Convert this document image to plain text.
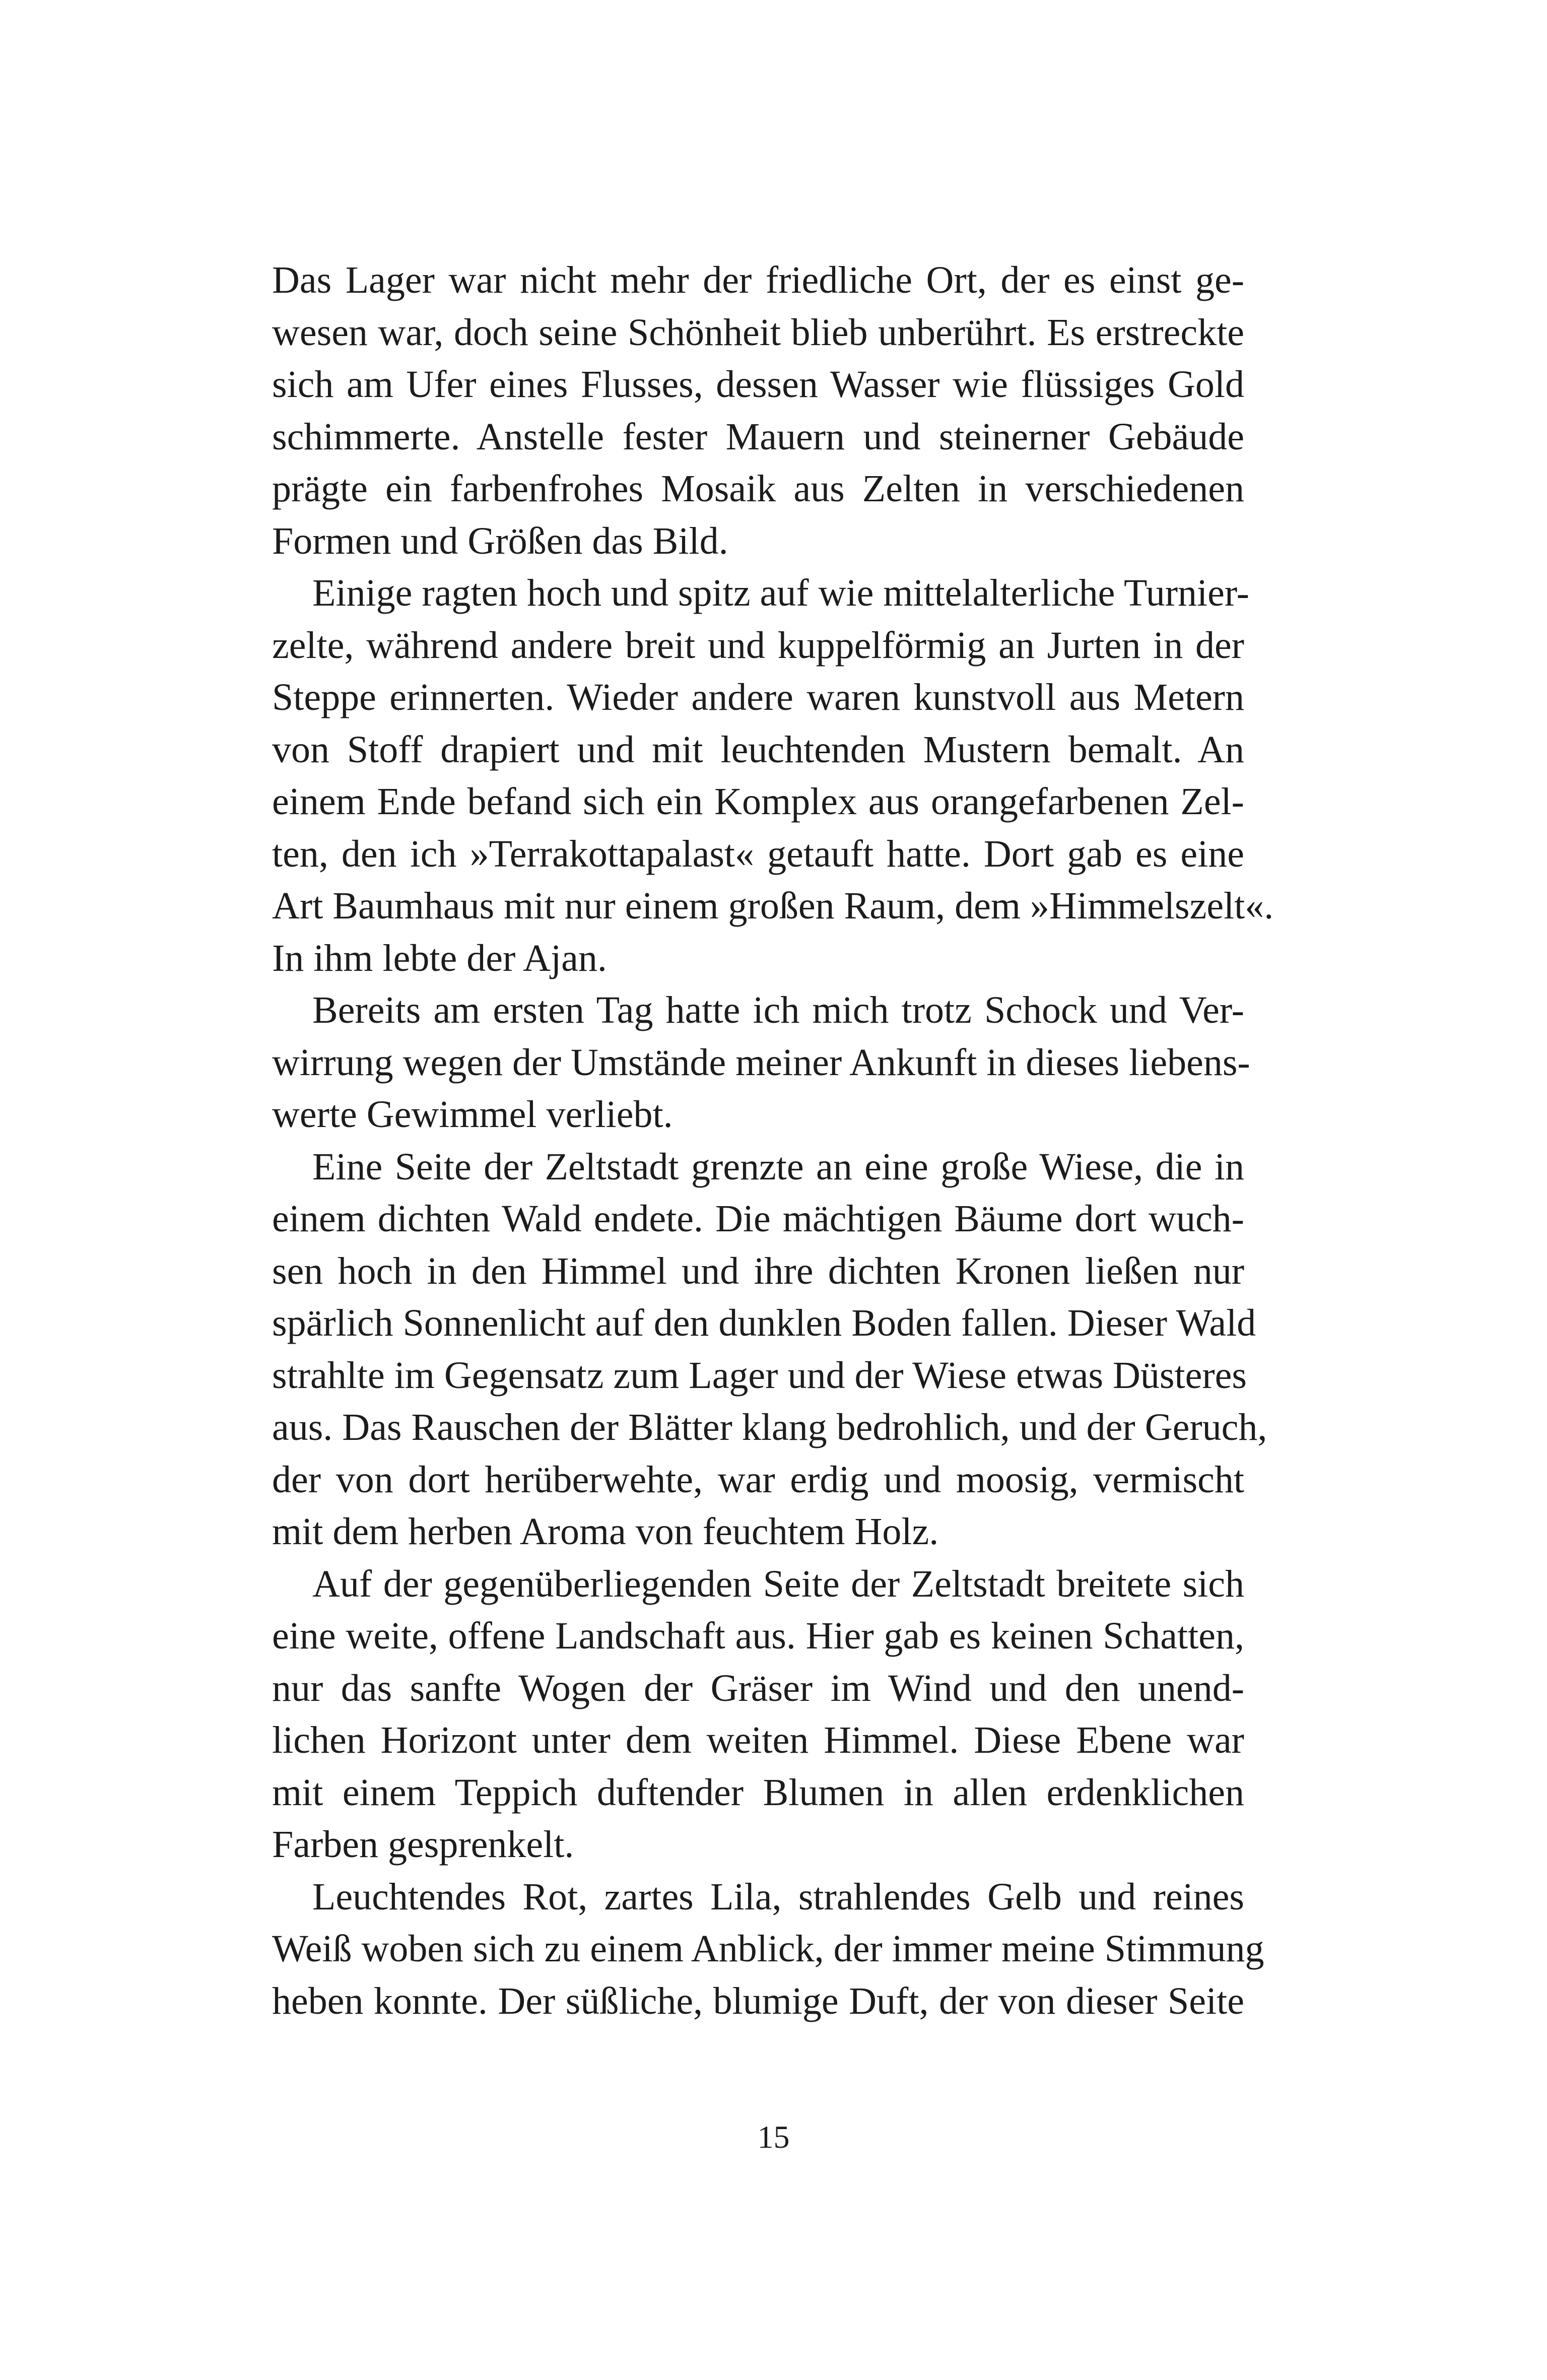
Das Lager war nicht mehr der friedliche Ort, der es einst ge-
wesen war, doch seine Schönheit blieb unberührt. Es erstreckte
sich am Ufer eines Flusses, dessen Wasser wie flüssiges Gold
schimmerte. Anstelle fester Mauern und steinerner Gebäude
prägte ein farbenfrohes Mosaik aus Zelten in verschiedenen
Formen und Größen das Bild.
Einige ragten hoch und spitz auf wie mittelalterliche Turnier-
zelte, während andere breit und kuppelförmig an Jurten in der
Steppe erinnerten. Wieder andere waren kunstvoll aus Metern
von Stoff drapiert und mit leuchtenden Mustern bemalt. An
einem Ende befand sich ein Komplex aus orangefarbenen Zel-
ten, den ich »Terrakottapalast« getauft hatte. Dort gab es eine
Art Baumhaus mit nur einem großen Raum, dem »Himmelszelt«.
In ihm lebte der Ajan.
Bereits am ersten Tag hatte ich mich trotz Schock und Ver-
wirrung wegen der Umstände meiner Ankunft in dieses liebens-
werte Gewimmel verliebt.
Eine Seite der Zeltstadt grenzte an eine große Wiese, die in
einem dichten Wald endete. Die mächtigen Bäume dort wuch-
sen hoch in den Himmel und ihre dichten Kronen ließen nur
spärlich Sonnenlicht auf den dunklen Boden fallen. Dieser Wald
strahlte im Gegensatz zum Lager und der Wiese etwas Düsteres
aus. Das Rauschen der Blätter klang bedrohlich, und der Geruch,
der von dort herüberwehte, war erdig und moosig, vermischt
mit dem herben Aroma von feuchtem Holz.
Auf der gegenüberliegenden Seite der Zeltstadt breitete sich
eine weite, offene Landschaft aus. Hier gab es keinen Schatten,
nur das sanfte Wogen der Gräser im Wind und den unend-
lichen Horizont unter dem weiten Himmel. Diese Ebene war
mit einem Teppich duftender Blumen in allen erdenklichen
Farben gesprenkelt.
Leuchtendes Rot, zartes Lila, strahlendes Gelb und reines
Weiß woben sich zu einem Anblick, der immer meine Stimmung
heben konnte. Der süßliche, blumige Duft, der von dieser Seite
15
